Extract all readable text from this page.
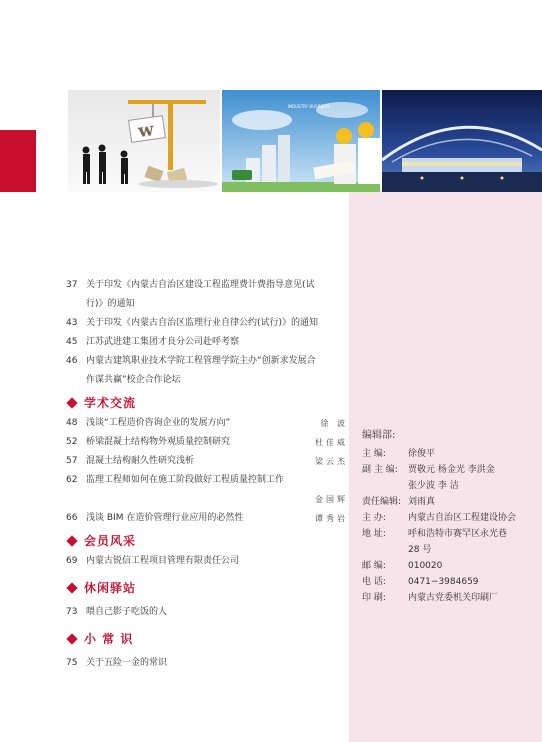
w
INDUSTRY BUSINESS
37 关于印发《内蒙古自治区建设工程监理费计费指导意见(试
行)》的通知
43 关于印发《内蒙古自治区监理行业自律公约(试行)》的通知
45 江苏武进建工集团才良分公司赴呼考察
46 内蒙古建筑职业技术学院工程管理学院主办“创新求发展合
作谋共赢”校企合作论坛
学术交流
48 浅谈“工程造价咨询企业的发展方向”	徐 波
52 桥梁混凝土结构物外观质量控制研究	杜佳威
57 混凝土结构耐久性研究浅析	梁云杰
62 监理工程师如何在施工阶段做好工程质量控制工作
金国辉
66 浅谈 BIM 在造价管理行业应用的必然性	谭秀岩
会员风采
69 内蒙古锐信工程项目管理有限责任公司
休闲驿站
73 喂自己影子吃饭的人
小 常 识
75 关于五险一金的常识
编辑部:
主 编:	徐俊平
副 主 编:	贾敬元 杨金光 李洪金
张少波 李 洁
责任编辑: 刘雨真
主 办:	内蒙古自治区工程建设协会
地 址:	呼和浩特市赛罕区永光巷
28 号
邮 编:	010020
电 话:	0471−3984659
印 刷:	内蒙古党委机关印刷厂
